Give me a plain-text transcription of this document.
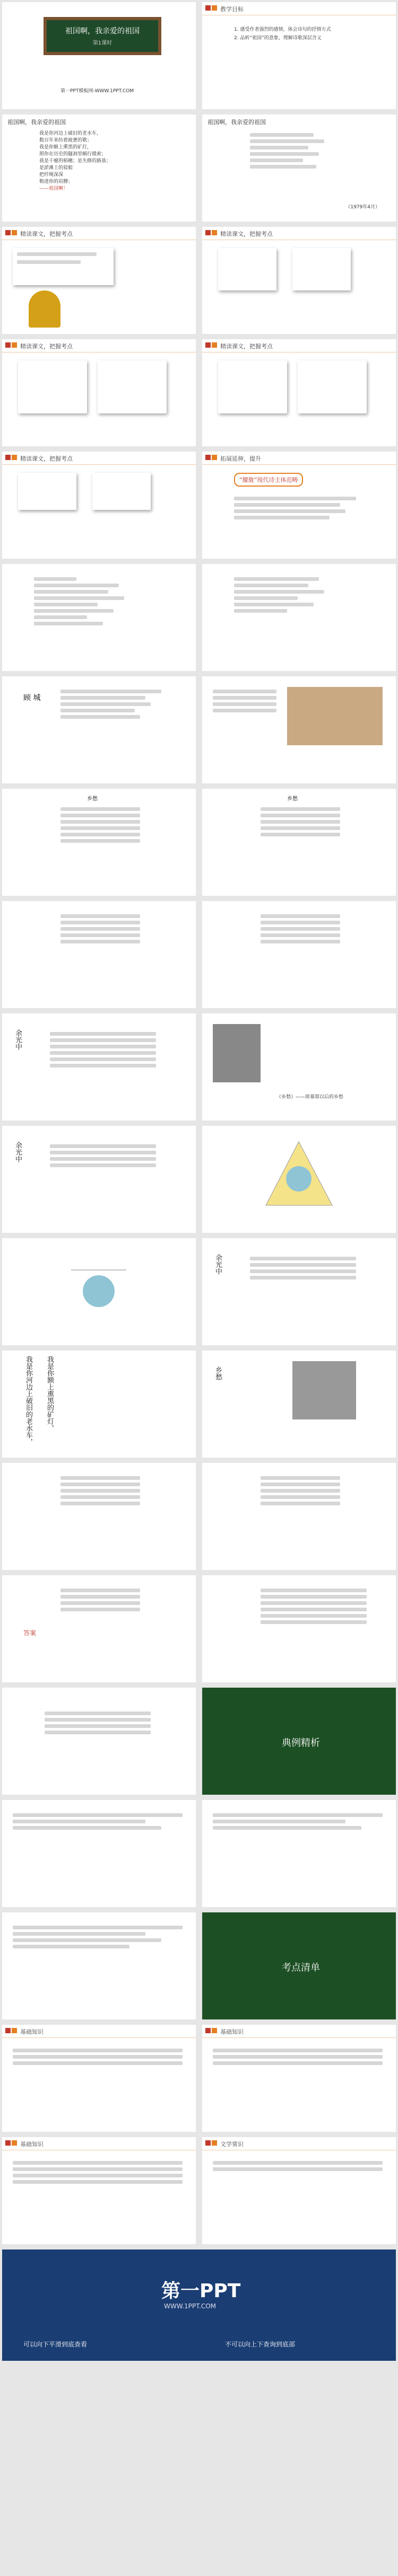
祖国啊，我亲爱的祖国
第1课时
第一PPT模板网-WWW.1PPT.COM
教学目标
1. 感受作者强烈的感情，体会诗句的抒情方式
2. 品析“祖国”的意象，理解诗歌深层含义
祖国啊，我亲爱的祖国
我是你河边上破旧的老水车，
数百年来纺着疲惫的歌；
我是你额上熏黑的矿灯，
照你在历史的隧洞里蜗行摸索；
我是干瘪的稻穗；是失修的路基；
是淤滩上的驳船
把纤绳深深
勒进你的肩膊；
——祖国啊！
祖国啊，我亲爱的祖国
（1979年4月）
精读课文，把握考点	精读课文，把握考点
精读课文，把握考点	精读课文，把握考点
精读课文，把握考点	拓展延伸，提升
“朦胧”现代诗主体范畴
顾 城
乡愁	乡愁
余光中
《乡愁》——席慕蓉以后的乡愁
余光中
余光中
我是你河边上破旧的老水车， 我是你额上熏黑的矿灯，	乡愁
答案
典例精析
考点清单
基础知识	基础知识
基础知识	文学常识
第一PPT
WWW.1PPT.COM
可以向下平滑到底查看	不可以向上下查询到底部
